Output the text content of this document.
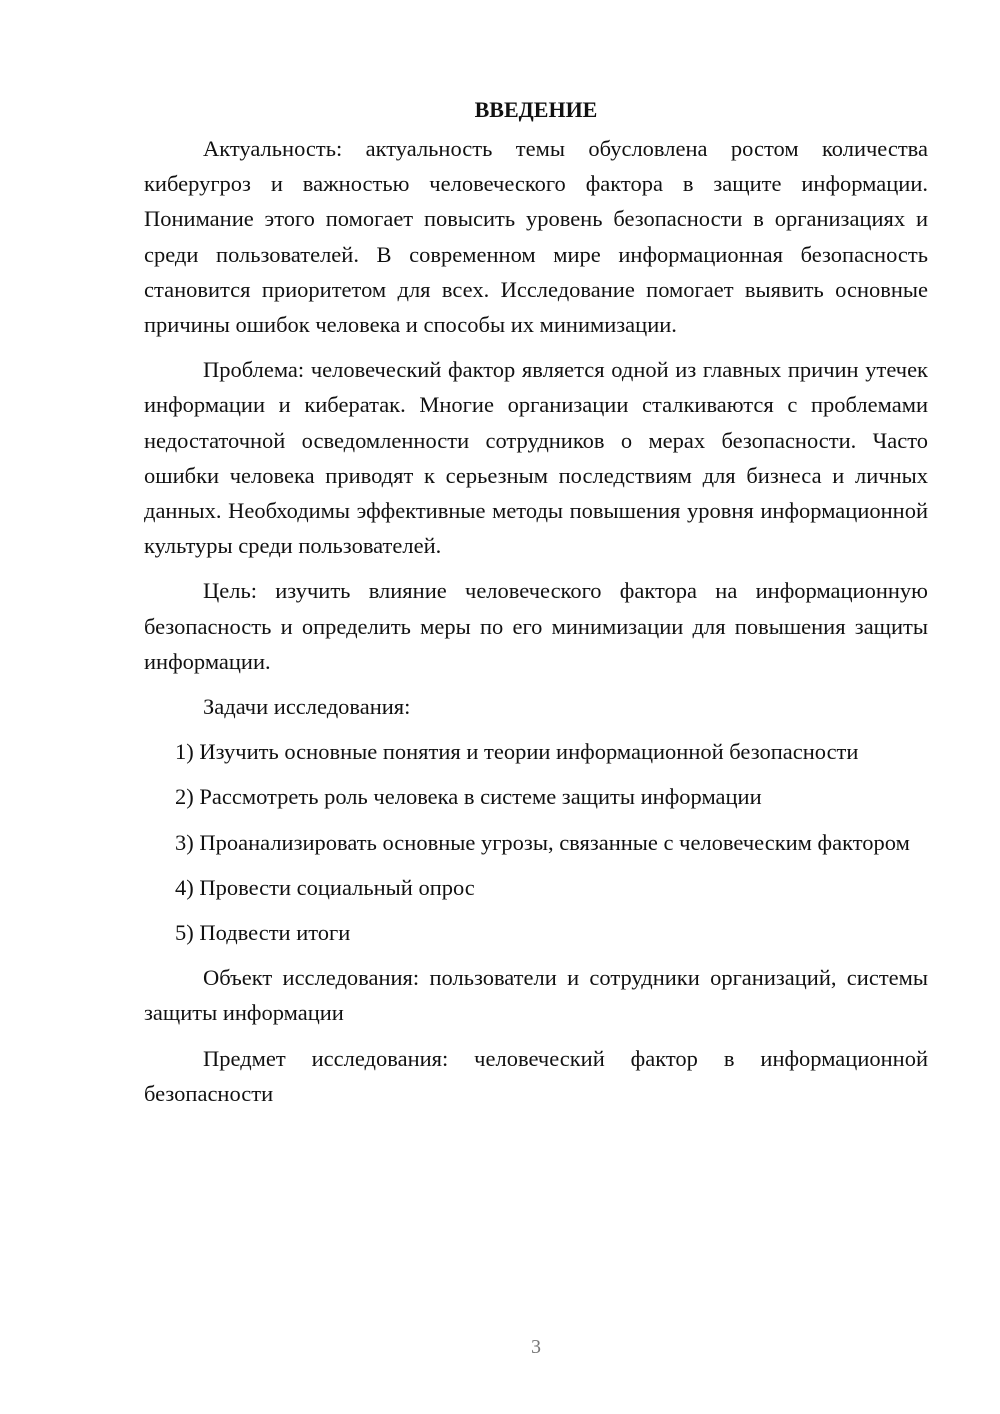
ВВЕДЕНИЕ

Актуальность: актуальность темы обусловлена ростом количества киберугроз и важностью человеческого фактора в защите информации. Понимание этого помогает повысить уровень безопасности в организациях и среди пользователей. В современном мире информационная безопасность становится приоритетом для всех. Исследование помогает выявить основные причины ошибок человека и способы их минимизации.

Проблема: человеческий фактор является одной из главных причин утечек информации и кибератак. Многие организации сталкиваются с проблемами недостаточной осведомленности сотрудников о мерах безопасности. Часто ошибки человека приводят к серьезным последствиям для бизнеса и личных данных. Необходимы эффективные методы повышения уровня информационной культуры среди пользователей.

Цель: изучить влияние человеческого фактора на информационную безопасность и определить меры по его минимизации для повышения защиты информации.

Задачи исследования:

1) Изучить основные понятия и теории информационной безопасности

2) Рассмотреть роль человека в системе защиты информации

3) Проанализировать основные угрозы, связанные с человеческим фактором

4) Провести социальный опрос

5) Подвести итоги

Объект исследования: пользователи и сотрудники организаций, системы защиты информации

Предмет исследования: человеческий фактор в информационной безопасности

3
